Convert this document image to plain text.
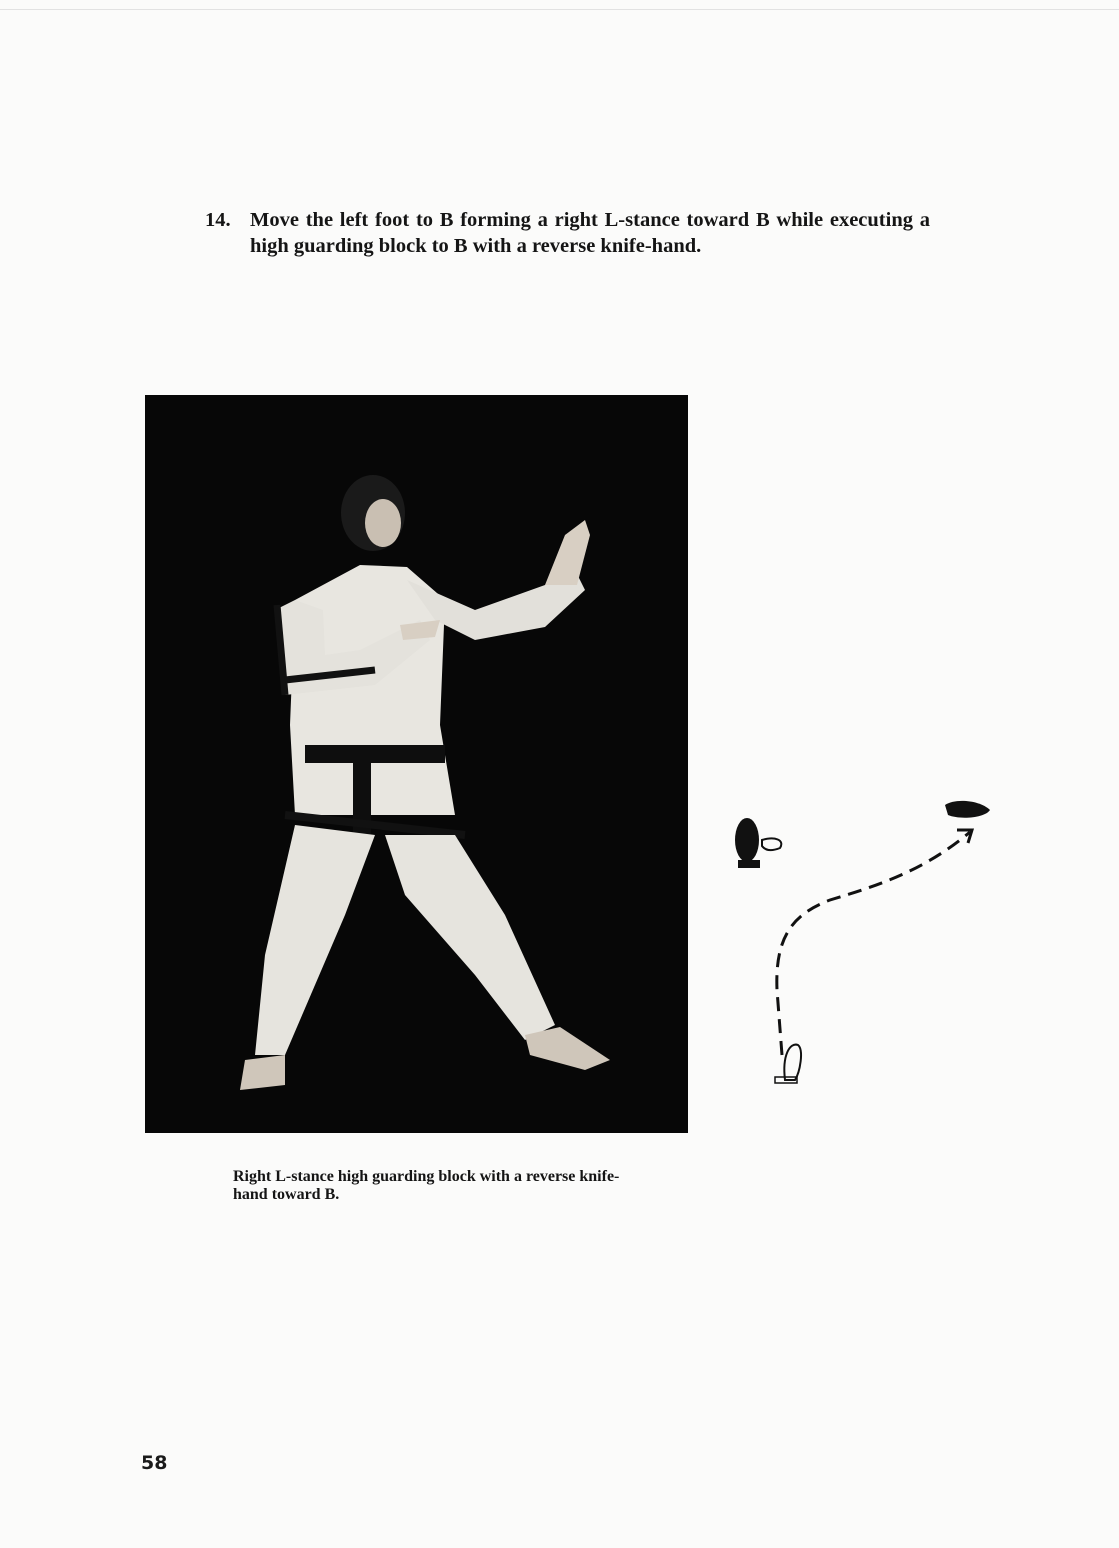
14. Move the left foot to B forming a right L-stance toward B while executing a high guarding block to B with a reverse knife-hand.
Right L-stance high guarding block with a reverse knife-hand toward B.
58
